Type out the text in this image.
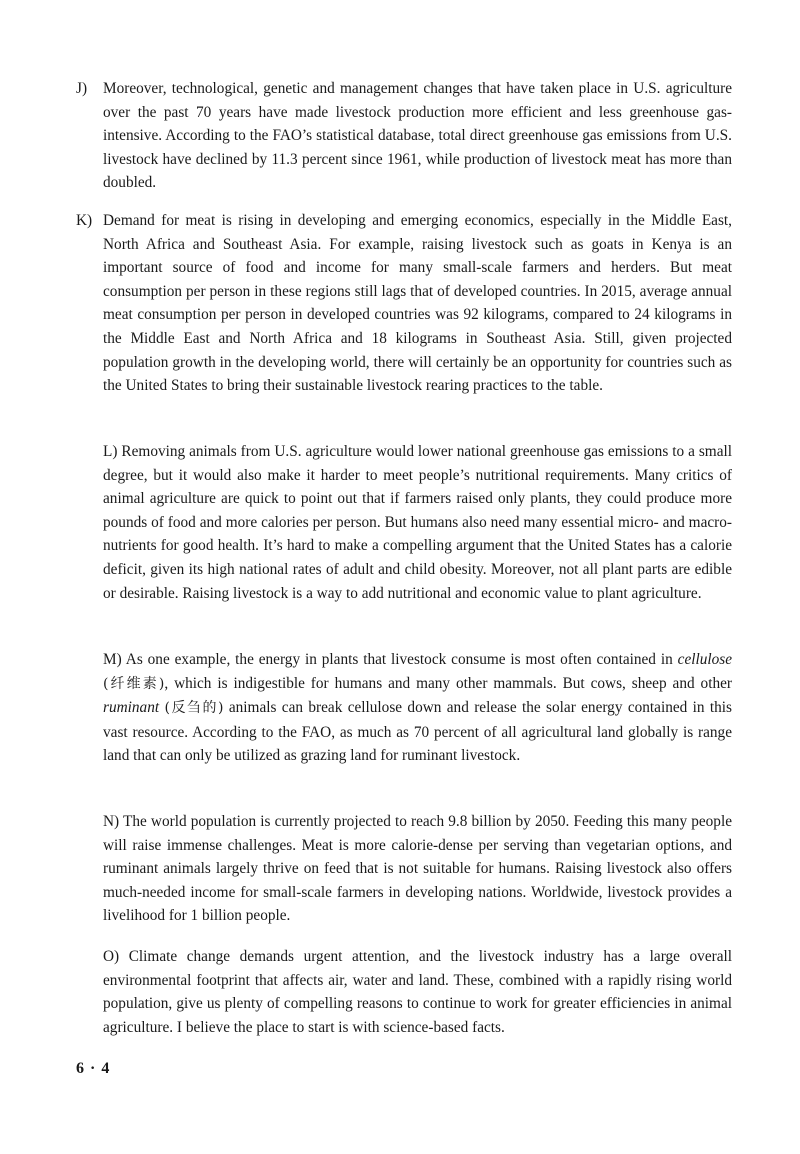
J) Moreover, technological, genetic and management changes that have taken place in U.S. agriculture over the past 70 years have made livestock production more efficient and less greenhouse gas-intensive. According to the FAO’s statistical database, total direct greenhouse gas emissions from U.S. livestock have declined by 11.3 percent since 1961, while production of livestock meat has more than doubled.
K) Demand for meat is rising in developing and emerging economics, especially in the Middle East, North Africa and Southeast Asia. For example, raising livestock such as goats in Kenya is an important source of food and income for many small-scale farmers and herders. But meat consumption per person in these regions still lags that of developed countries. In 2015, average annual meat consumption per person in developed countries was 92 kilograms, compared to 24 kilograms in the Middle East and North Africa and 18 kilograms in Southeast Asia. Still, given projected population growth in the developing world, there will certainly be an opportunity for countries such as the United States to bring their sustainable livestock rearing practices to the table.
L) Removing animals from U.S. agriculture would lower national greenhouse gas emissions to a small degree, but it would also make it harder to meet people’s nutritional requirements. Many critics of animal agriculture are quick to point out that if farmers raised only plants, they could produce more pounds of food and more calories per person. But humans also need many essential micro- and macro-nutrients for good health. It’s hard to make a compelling argument that the United States has a calorie deficit, given its high national rates of adult and child obesity. Moreover, not all plant parts are edible or desirable. Raising livestock is a way to add nutritional and economic value to plant agriculture.
M) As one example, the energy in plants that livestock consume is most often contained in cellulose (纤维素), which is indigestible for humans and many other mammals. But cows, sheep and other ruminant (反刍的) animals can break cellulose down and release the solar energy contained in this vast resource. According to the FAO, as much as 70 percent of all agricultural land globally is range land that can only be utilized as grazing land for ruminant livestock.
N) The world population is currently projected to reach 9.8 billion by 2050. Feeding this many people will raise immense challenges. Meat is more calorie-dense per serving than vegetarian options, and ruminant animals largely thrive on feed that is not suitable for humans. Raising livestock also offers much-needed income for small-scale farmers in developing nations. Worldwide, livestock provides a livelihood for 1 billion people.
O) Climate change demands urgent attention, and the livestock industry has a large overall environmental footprint that affects air, water and land. These, combined with a rapidly rising world population, give us plenty of compelling reasons to continue to work for greater efficiencies in animal agriculture. I believe the place to start is with science-based facts.
6 · 4
